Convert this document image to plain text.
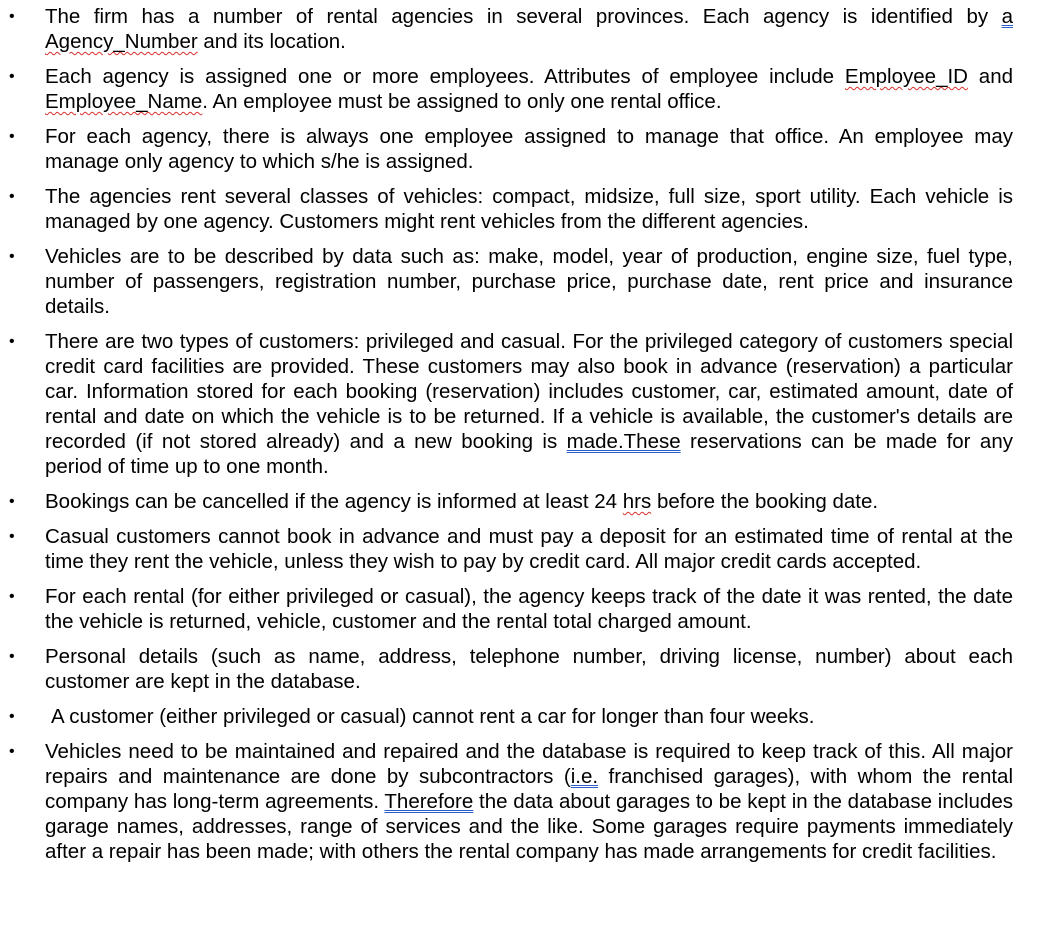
• The firm has a number of rental agencies in several provinces. Each agency is identified by a Agency_Number and its location.
• Each agency is assigned one or more employees. Attributes of employee include Employee_ID and Employee_Name. An employee must be assigned to only one rental office.
• For each agency, there is always one employee assigned to manage that office. An employee may manage only agency to which s/he is assigned.
• The agencies rent several classes of vehicles: compact, midsize, full size, sport utility. Each vehicle is managed by one agency. Customers might rent vehicles from the different agencies.
• Vehicles are to be described by data such as: make, model, year of production, engine size, fuel type, number of passengers, registration number, purchase price, purchase date, rent price and insurance details.
• There are two types of customers: privileged and casual. For the privileged category of customers special credit card facilities are provided. These customers may also book in advance (reservation) a particular car. Information stored for each booking (reservation) includes customer, car, estimated amount, date of rental and date on which the vehicle is to be returned. If a vehicle is available, the customer's details are recorded (if not stored already) and a new booking is made.These reservations can be made for any period of time up to one month.
• Bookings can be cancelled if the agency is informed at least 24 hrs before the booking date.
• Casual customers cannot book in advance and must pay a deposit for an estimated time of rental at the time they rent the vehicle, unless they wish to pay by credit card. All major credit cards accepted.
• For each rental (for either privileged or casual), the agency keeps track of the date it was rented, the date the vehicle is returned, vehicle, customer and the rental total charged amount.
• Personal details (such as name, address, telephone number, driving license, number) about each customer are kept in the database.
• A customer (either privileged or casual) cannot rent a car for longer than four weeks.
• Vehicles need to be maintained and repaired and the database is required to keep track of this. All major repairs and maintenance are done by subcontractors (i.e. franchised garages), with whom the rental company has long-term agreements. Therefore the data about garages to be kept in the database includes garage names, addresses, range of services and the like. Some garages require payments immediately after a repair has been made; with others the rental company has made arrangements for credit facilities.
